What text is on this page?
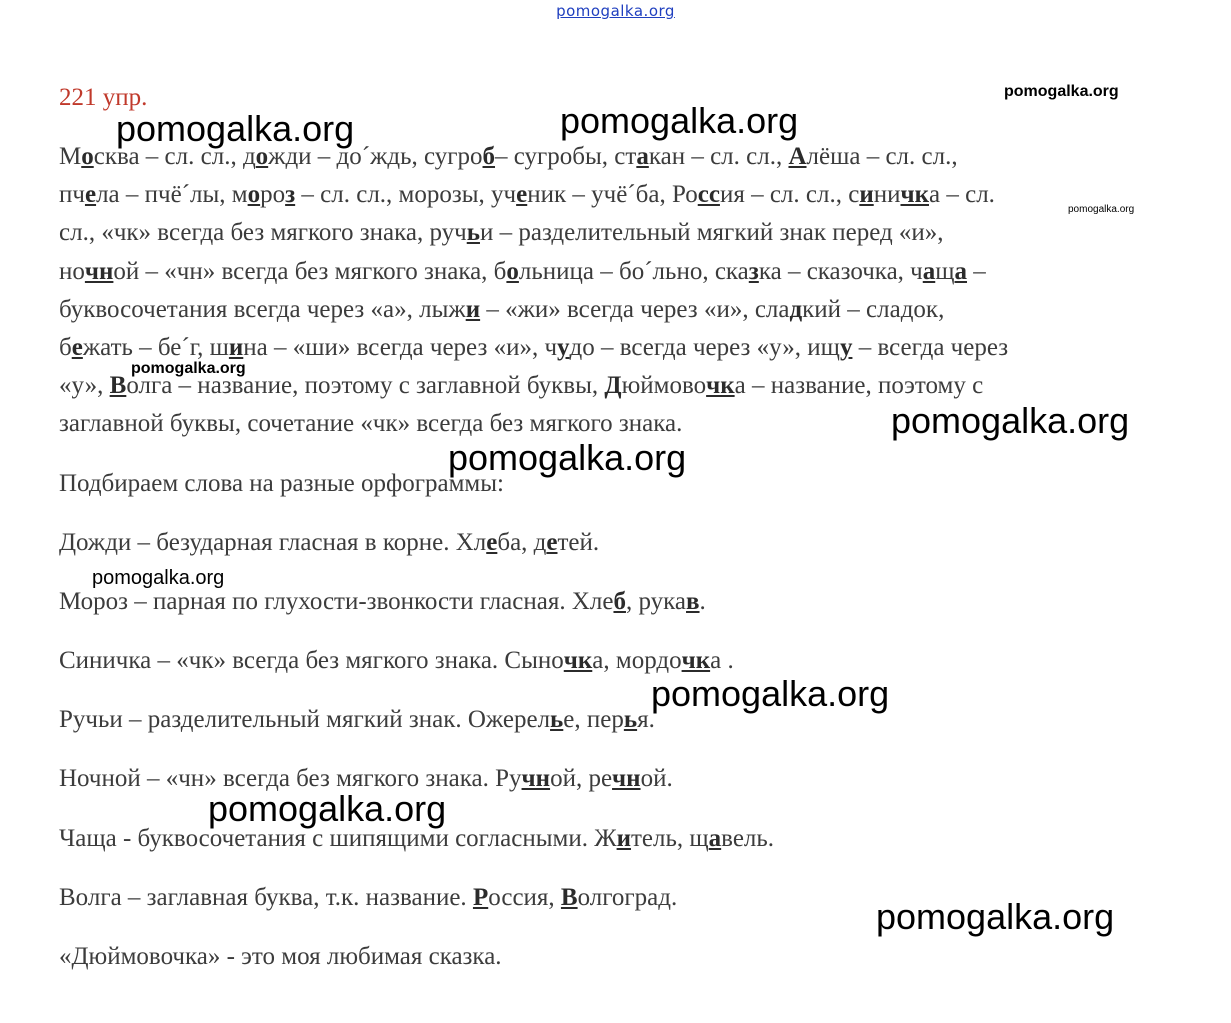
pomogalka.org
221 упр.
Москва – сл. сл., дожди – до´ждь, сугроб– сугробы, стакан – сл. сл., Алёша – сл. сл.,
пчела – пчё´лы, мороз – сл. сл., морозы, ученик – учё´ба, Россия – сл. сл., синичка – сл.
сл., «чк» всегда без мягкого знака, ручьи – разделительный мягкий знак перед «и»,
ночной – «чн» всегда без мягкого знака, больница – бо´льно, сказка – сказочка, чаща –
буквосочетания всегда через «а», лыжи – «жи» всегда через «и», сладкий – сладок,
бежать – бе´г, шина – «ши» всегда через «и», чудо – всегда через «у», ищу – всегда через
«у», Волга – название, поэтому с заглавной буквы, Дюймовочка – название, поэтому с
заглавной буквы, сочетание «чк» всегда без мягкого знака.
Подбираем слова на разные орфограммы:
Дожди – безударная гласная в корне. Хлеба, детей.
Мороз – парная по глухости-звонкости гласная. Хлеб, рукав.
Синичка – «чк» всегда без мягкого знака. Сыночка, мордочка .
Ручьи – разделительный мягкий знак. Ожерелье, перья.
Ночной – «чн» всегда без мягкого знака. Ручной, речной.
Чаща - буквосочетания с шипящими согласными. Житель, щавель.
Волга – заглавная буква, т.к. название. Россия, Волгоград.
«Дюймовочка» - это моя любимая сказка.
pomogalka.org
pomogalka.org	pomogalka.org
pomogalka.org
pomogalka.org
pomogalka.org
pomogalka.org
pomogalka.org
pomogalka.org
pomogalka.org
pomogalka.org
